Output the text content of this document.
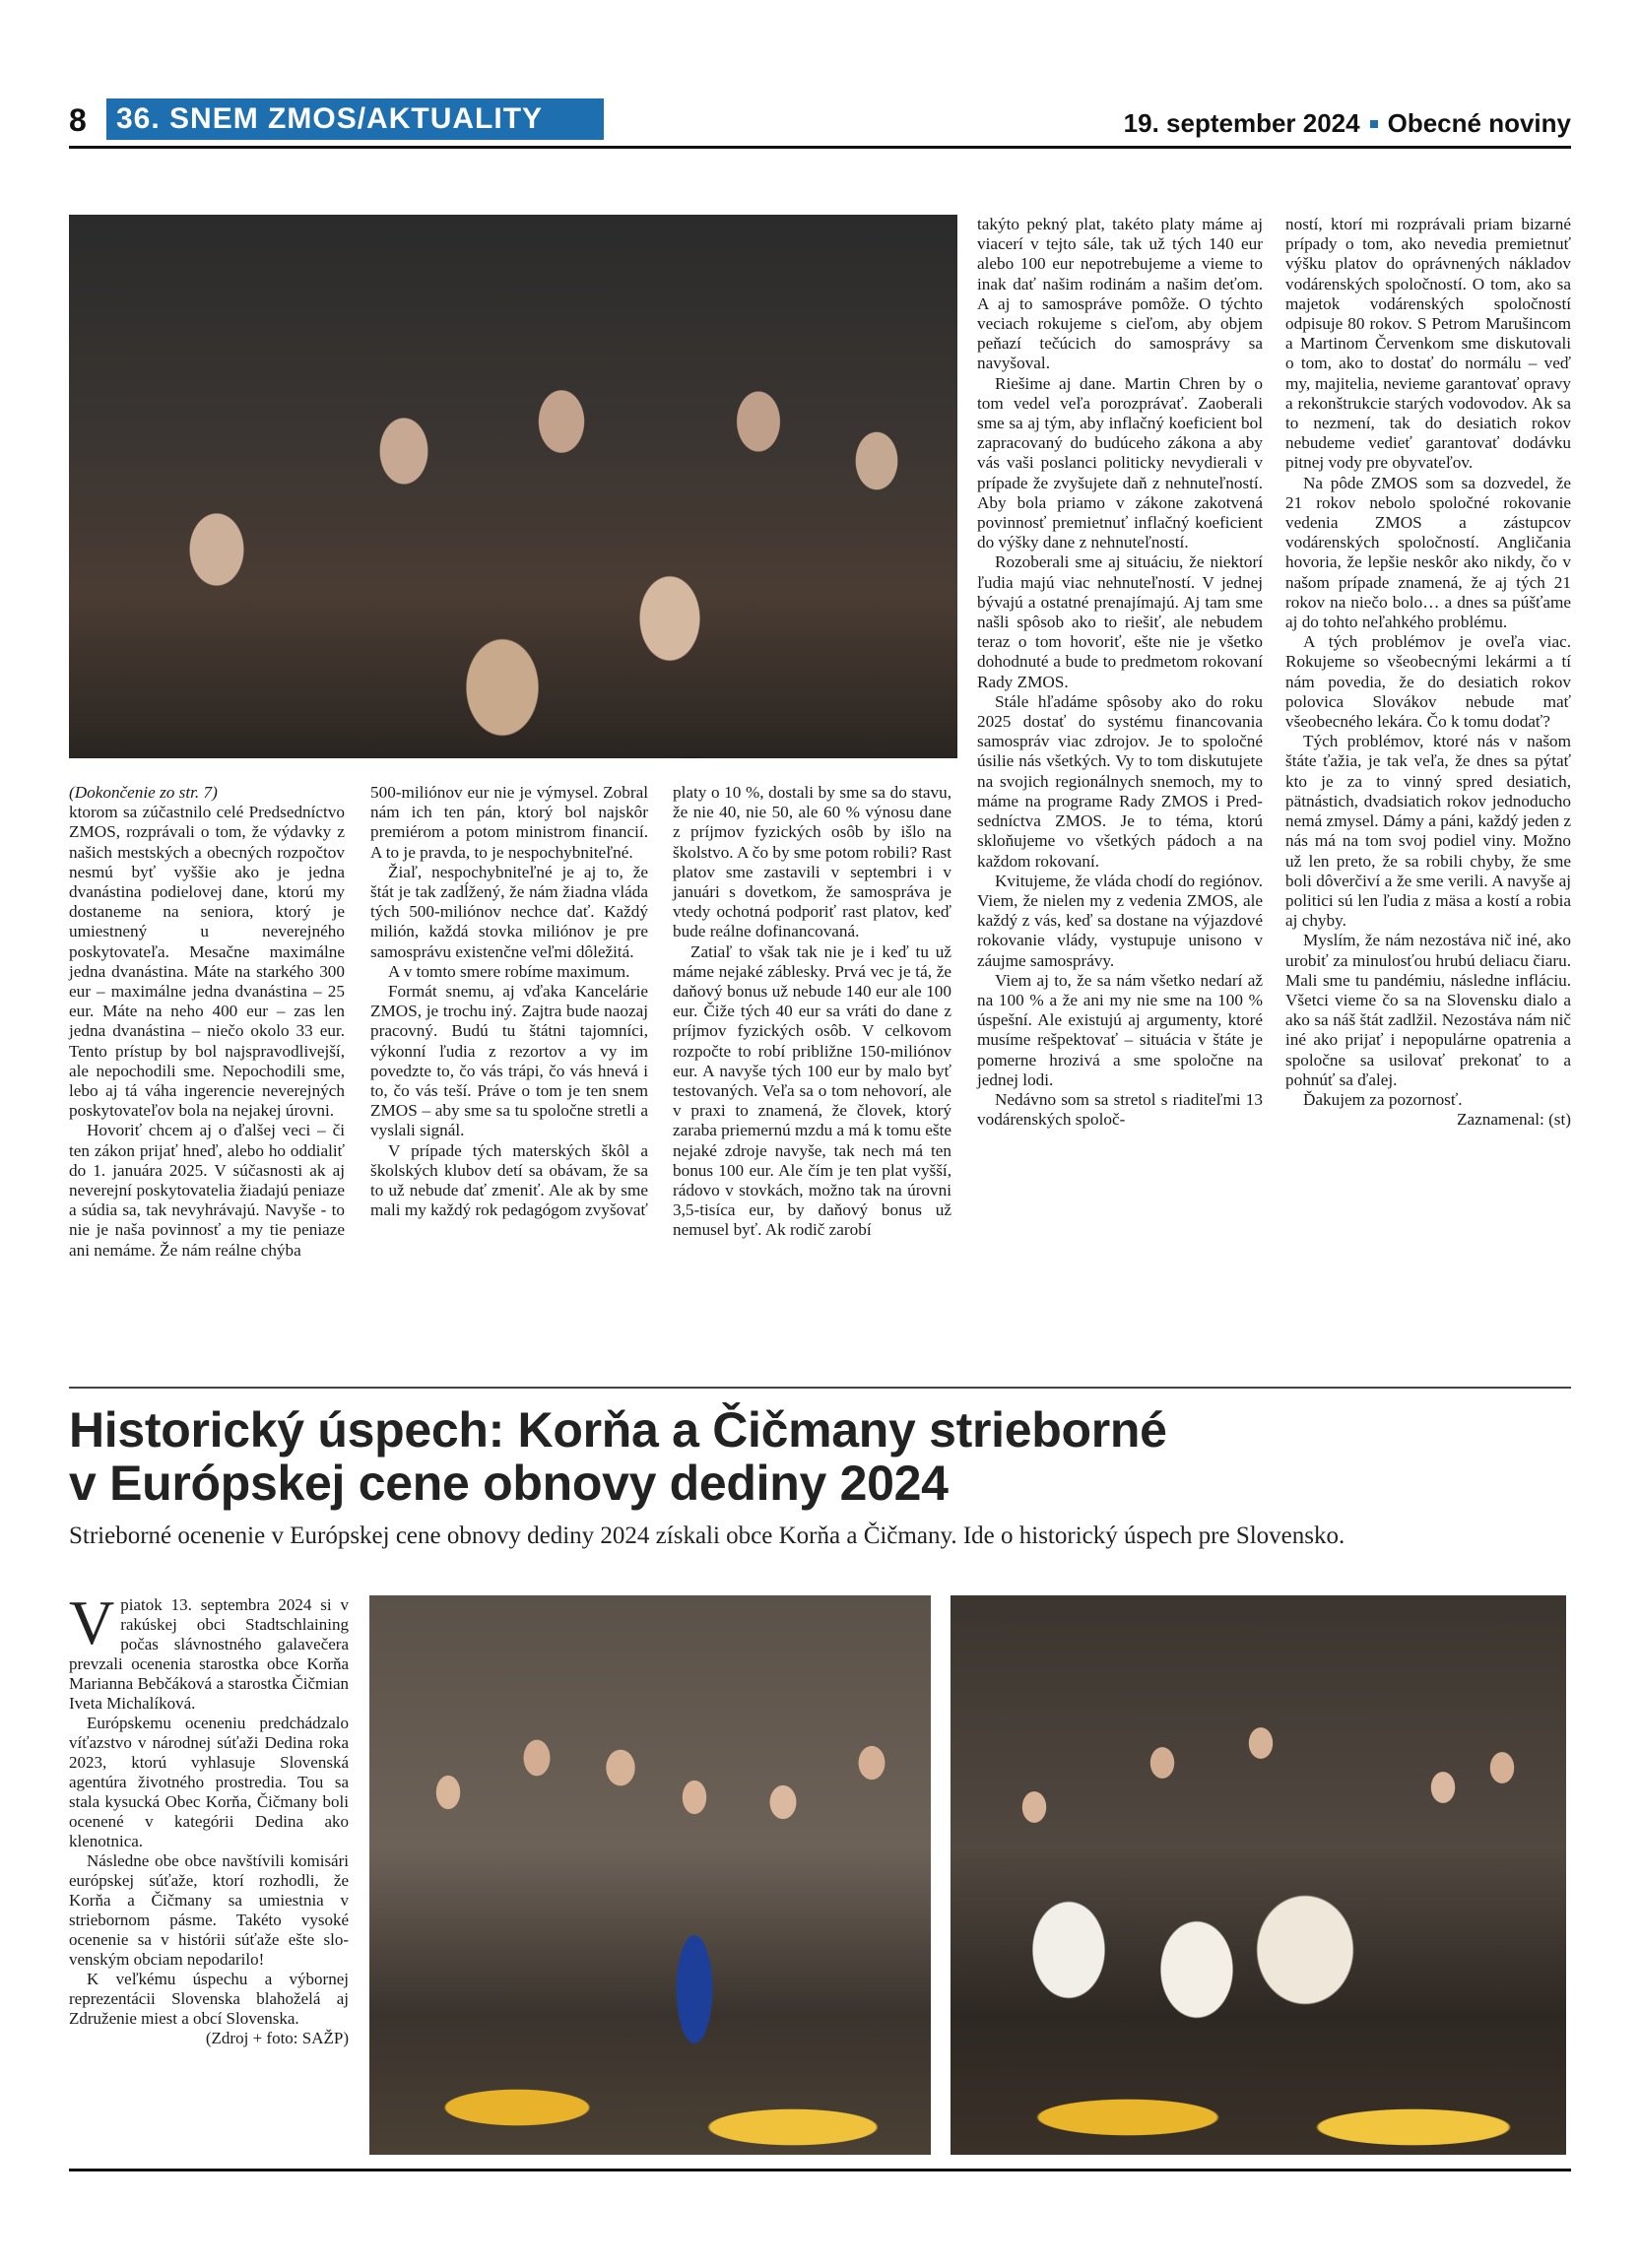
8 36. SNEM ZMOS/AKTUALITY	19. september 2024 Obecné noviny

(Dokončenie zo str. 7)

ktorom sa zúčastnilo celé Predsedníctvo ZMOS, rozprávali o tom, že výdavky z našich mestských a obecných rozpočtov nesmú byť vyššie ako je jedna dvanástina podielovej dane, ktorú my dostaneme na seniora, ktorý je umiestnený u neverejného poskytovateľa. Mesačne maximálne jedna dvanástina. Máte na starkého 300 eur – maximálne jedna dvanástina – 25 eur. Máte na neho 400 eur – zas len jedna dvanástina – niečo okolo 33 eur. Tento prístup by bol najspravodlivejší, ale nepochodili sme. Nepochodili sme, lebo aj tá váha ingerencie neverejných poskytovateľov bola na nejakej úrovni.

Hovoriť chcem aj o ďalšej veci – či ten zákon prijať hneď, alebo ho oddialiť do 1. januára 2025. V súčasnosti ak aj neverejní poskytovatelia žiadajú peniaze a súdia sa, tak nevyhrávajú. Navyše - to nie je naša povinnosť a my tie peniaze ani nemáme. Že nám reálne chýba

500-miliónov eur nie je výmysel. Zobral nám ich ten pán, ktorý bol najskôr premiérom a potom ministrom financií. A to je pravda, to je nespochybniteľné.

Žiaľ, nespochybniteľné je aj to, že štát je tak zadĺžený, že nám žiadna vláda tých 500-miliónov nechce dať. Každý milión, každá stovka miliónov je pre samosprávu existenčne veľmi dôležitá.

A v tomto smere robíme maximum.

Formát snemu, aj vďaka Kancelárie ZMOS, je trochu iný. Zajtra bude naozaj pracovný. Budú tu štátni tajomníci, výkonní ľudia z rezortov a vy im povedzte to, čo vás trápi, čo vás hnevá i to, čo vás teší. Práve o tom je ten snem ZMOS – aby sme sa tu spoločne stretli a vyslali signál.

V prípade tých materských škôl a školských klubov detí sa obávam, že sa to už nebude dať zmeniť. Ale ak by sme mali my každý rok pedagógom zvyšovať

platy o 10 %, dostali by sme sa do stavu, že nie 40, nie 50, ale 60 % výnosu dane z príjmov fyzických osôb by išlo na školstvo. A čo by sme potom robili? Rast platov sme zastavili v septembri i v januári s dovetkom, že samospráva je vtedy ochotná podporiť rast platov, keď bude reálne dofinancovaná.

Zatiaľ to však tak nie je i keď tu už máme nejaké záblesky. Prvá vec je tá, že daňový bonus už nebude 140 eur ale 100 eur. Čiže tých 40 eur sa vráti do dane z príjmov fyzických osôb. V celkovom rozpočte to robí približne 150-miliónov eur. A navyše tých 100 eur by malo byť testovaných. Veľa sa o tom nehovorí, ale v praxi to znamená, že človek, ktorý zaraba priemernú mzdu a má k tomu ešte nejaké zdroje navyše, tak nech má ten bonus 100 eur. Ale čím je ten plat vyšší, rádovo v stovkách, možno tak na úrovni 3,5-tisíca eur, by daňový bonus už nemusel byť. Ak rodič zarobí

takýto pekný plat, takéto platy máme aj viacerí v tejto sále, tak už tých 140 eur alebo 100 eur nepotrebujeme a vieme to inak dať našim rodinám a našim deťom. A aj to samospráve pomôže. O týchto veciach rokujeme s cieľom, aby objem peňazí tečúcich do samosprávy sa navyšoval.

Riešime aj dane. Martin Chren by o tom vedel veľa porozprávať. Zaoberali sme sa aj tým, aby inflačný koeficient bol zapracovaný do budúceho zákona a aby vás vaši poslanci politicky nevydierali v prípade že zvyšujete daň z nehnuteľností. Aby bola priamo v zákone zakotvená povinnosť premietnuť inflačný koeficient do výšky dane z nehnuteľností.

Rozoberali sme aj situáciu, že niektorí ľudia majú viac nehnuteľností. V jednej bývajú a ostatné prenajímajú. Aj tam sme našli spôsob ako to riešiť, ale nebudem teraz o tom hovoriť, ešte nie je všetko dohodnuté a bude to predmetom rokovaní Rady ZMOS.

Stále hľadáme spôsoby ako do roku 2025 dostať do systému financovania samospráv viac zdrojov. Je to spoločné úsilie nás všetkých. Vy to tom diskutujete na svojich regionálnych snemoch, my to máme na programe Rady ZMOS i Predsedníctva ZMOS. Je to téma, ktorú skloňujeme vo všetkých pádoch a na každom rokovaní.

Kvitujeme, že vláda chodí do regiónov. Viem, že nielen my z vedenia ZMOS, ale každý z vás, keď sa dostane na výjazdové rokovanie vlády, vystupuje unisono v záujme samosprávy.

Viem aj to, že sa nám všetko nedarí až na 100 % a že ani my nie sme na 100 % úspešní. Ale existujú aj argumenty, ktoré musíme rešpektovať – situácia v štáte je pomerne hrozivá a sme spoločne na jednej lodi.

Nedávno som sa stretol s riaditeľmi 13 vodárenských spoloč-

ností, ktorí mi rozprávali priam bizarné prípady o tom, ako nevedia premietnuť výšku platov do oprávnených nákladov vodárenských spoločností. O tom, ako sa majetok vodárenských spoločností odpisuje 80 rokov. S Petrom Marušincom a Martinom Červenkom sme diskutovali o tom, ako to dostať do normálu – veď my, majitelia, nevieme garantovať opravy a rekonštrukcie starých vodovodov. Ak sa to nezmení, tak do desiatich rokov nebudeme vedieť garantovať dodávku pitnej vody pre obyvateľov.

Na pôde ZMOS som sa dozvedel, že 21 rokov nebolo spoločné rokovanie vedenia ZMOS a zástupcov vodárenských spoločností. Angličania hovoria, že lepšie neskôr ako nikdy, čo v našom prípade znamená, že aj tých 21 rokov na niečo bolo… a dnes sa púšťame aj do tohto neľahkého problému.

A tých problémov je oveľa viac. Rokujeme so všeobecnými lekármi a tí nám povedia, že do desiatich rokov polovica Slovákov nebude mať všeobecného lekára. Čo k tomu dodať?

Tých problémov, ktoré nás v našom štáte ťažia, je tak veľa, že dnes sa pýtať kto je za to vinný spred desiatich, pätnástich, dvadsiatich rokov jednoducho nemá zmysel. Dámy a páni, každý jeden z nás má na tom svoj podiel viny. Možno už len preto, že sa robili chyby, že sme boli dôverčiví a že sme verili. A navyše aj politici sú len ľudia z mäsa a kostí a robia aj chyby.

Myslím, že nám nezostáva nič iné, ako urobiť za minulosťou hrubú deliacu čiaru. Mali sme tu pandémiu, následne infláciu. Všetci vieme čo sa na Slovensku dialo a ako sa náš štát zadlžil. Nezostáva nám nič iné ako prijať i nepopulárne opatrenia a spoločne sa usilovať prekonať to a pohnúť sa ďalej.

Ďakujem za pozornosť.

Zaznamenal: (st)

Historický úspech: Korňa a Čičmany strieborné
v Európskej cene obnovy dediny 2024
Strieborné ocenenie v Európskej cene obnovy dediny 2024 získali obce Korňa a Čičmany. Ide o historický úspech pre Slovensko.

Vpiatok 13. septembra 2024 si v rakúskej obci Stadtschlaining počas slávnostného galavečera prevzali ocenenia starostka obce Korňa Marianna Bebčáková a starostka Čičmian Iveta Michalíková.

Európskemu oceneniu predchádzalo víťazstvo v národnej súťaži Dedina roka 2023, ktorú vyhlasuje Slovenská agentúra životného prostredia. Tou sa stala kysucká Obec Korňa, Čičmany boli ocenené v kategórii Dedina ako klenotnica.

Následne obe obce navštívili komisári európskej súťaže, ktorí rozhodli, že Korňa a Čičmany sa umiestnia v striebornom pásme. Takéto vysoké ocenenie sa v histórii súťaže ešte slovenským obciam nepodarilo!

K veľkému úspechu a výbornej reprezentácii Slovenska blahoželá aj Združenie miest a obcí Slovenska.

(Zdroj + foto: SAŽP)
